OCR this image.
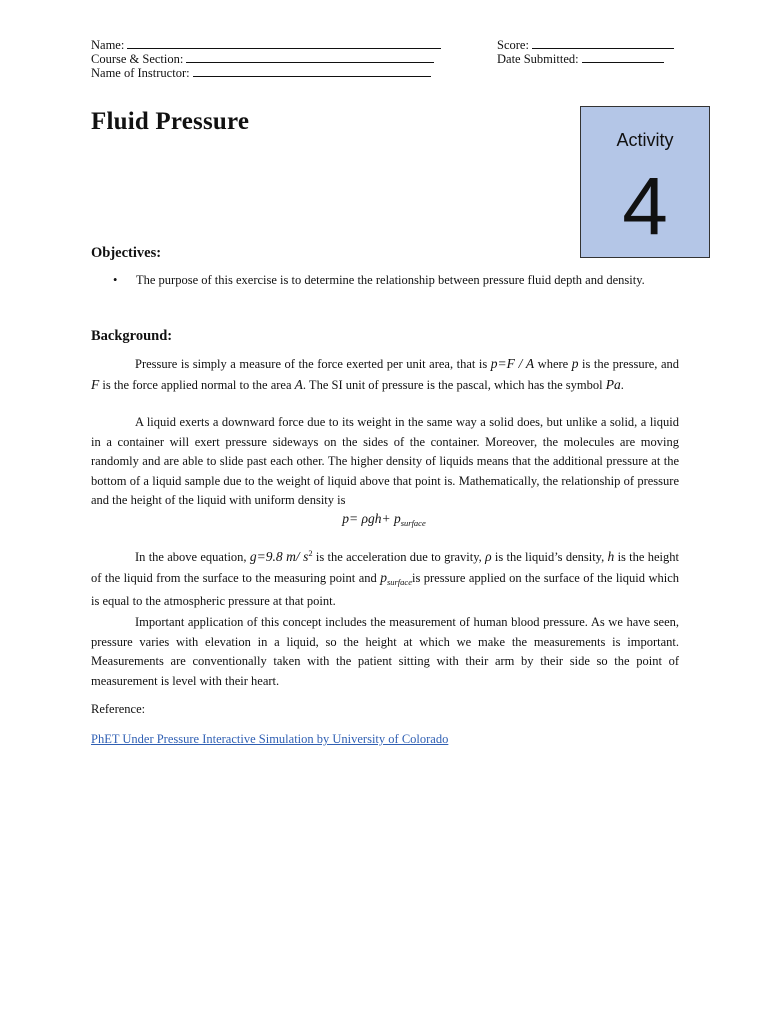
Name:
Course & Section:
Name of Instructor:
Score:
Date Submitted:
Fluid Pressure
Activity
4
Objectives:
• The purpose of this exercise is to determine the relationship between pressure fluid depth and density.
Background:

Pressure is simply a measure of the force exerted per unit area, that is p=F / A where p is the pressure, and F is the force applied normal to the area A. The SI unit of pressure is the pascal, which has the symbol Pa.

A liquid exerts a downward force due to its weight in the same way a solid does, but unlike a solid, a liquid in a container will exert pressure sideways on the sides of the container. Moreover, the molecules are moving randomly and are able to slide past each other. The higher density of liquids means that the additional pressure at the bottom of a liquid sample due to the weight of liquid above that point is. Mathematically, the relationship of pressure and the height of the liquid with uniform density is

$p= \rho gh+ p_{surface}$

In the above equation, g=9.8 m/ $s^2$ is the acceleration due to gravity, ρ is the liquid’s density, h is the height of the liquid from the surface to the measuring point and $p_{surface}is$ pressure applied on the surface of the liquid which is equal to the atmospheric pressure at that point.

Important application of this concept includes the measurement of human blood pressure. As we have seen, pressure varies with elevation in a liquid, so the height at which we make the measurements is important. Measurements are conventionally taken with the patient sitting with their arm by their side so the point of measurement is level with their heart.

Reference:
PhET Under Pressure Interactive Simulation by University of Colorado
